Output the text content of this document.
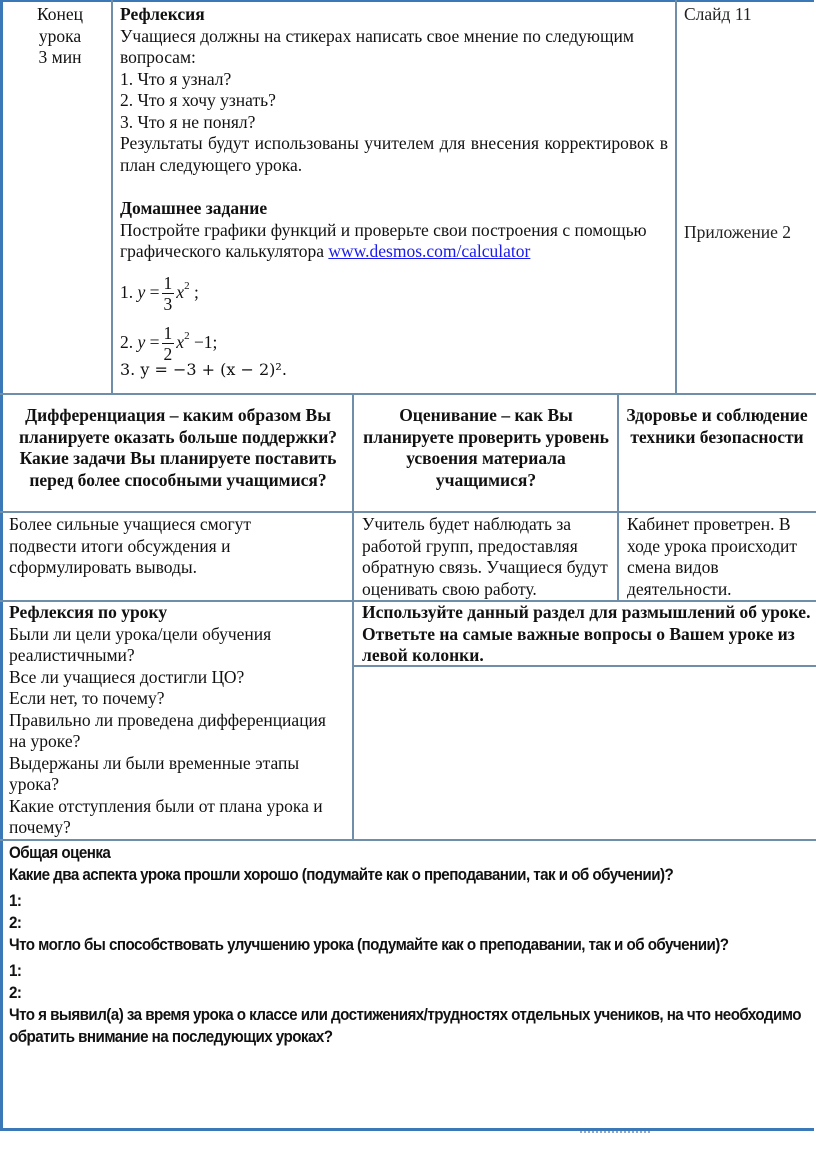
Конец
урока
3 мин
Рефлексия
Учащиеся должны на стикерах написать свое мнение по следующим вопросам:
1. Что я узнал?
2. Что я хочу узнать?
3. Что я не понял?
Результаты будут использованы учителем для внесения корректировок в план следующего урока.
Домашнее задание
Постройте графики функций и проверьте свои построения с помощью графического калькулятора www.desmos.com/calculator
1. $y = \frac{1}{3} x^2$ ;
2. $y = \frac{1}{2} x^2 -1$;
3. y = −3 + (x − 2)².
Слайд 11
Приложение 2
Дифференциация – каким образом Вы планируете оказать больше поддержки? Какие задачи Вы планируете поставить перед более способными учащимися?
Оценивание – как Вы планируете проверить уровень усвоения материала учащимися?
Здоровье и соблюдение техники безопасности
Более сильные учащиеся смогут подвести итоги обсуждения и сформулировать выводы.
Учитель будет наблюдать за работой групп, предоставляя обратную связь. Учащиеся будут оценивать свою работу.
Кабинет проветрен. В ходе урока происходит смена видов деятельности.
Рефлексия по уроку
Были ли цели урока/цели обучения реалистичными?
Все ли учащиеся достигли ЦО?
Если нет, то почему?
Правильно ли проведена дифференциация на уроке?
Выдержаны ли были временные этапы урока?
Какие отступления были от плана урока и почему?
Используйте данный раздел для размышлений об уроке. Ответьте на самые важные вопросы о Вашем уроке из левой колонки.
Общая оценка
Какие два аспекта урока прошли хорошо (подумайте как о преподавании, так и об обучении)?
1:
2:
Что могло бы способствовать улучшению урока (подумайте как о преподавании, так и об обучении)?
1:
2:
Что я выявил(а) за время урока о классе или достижениях/трудностях отдельных учеников, на что необходимо обратить внимание на последующих уроках?
